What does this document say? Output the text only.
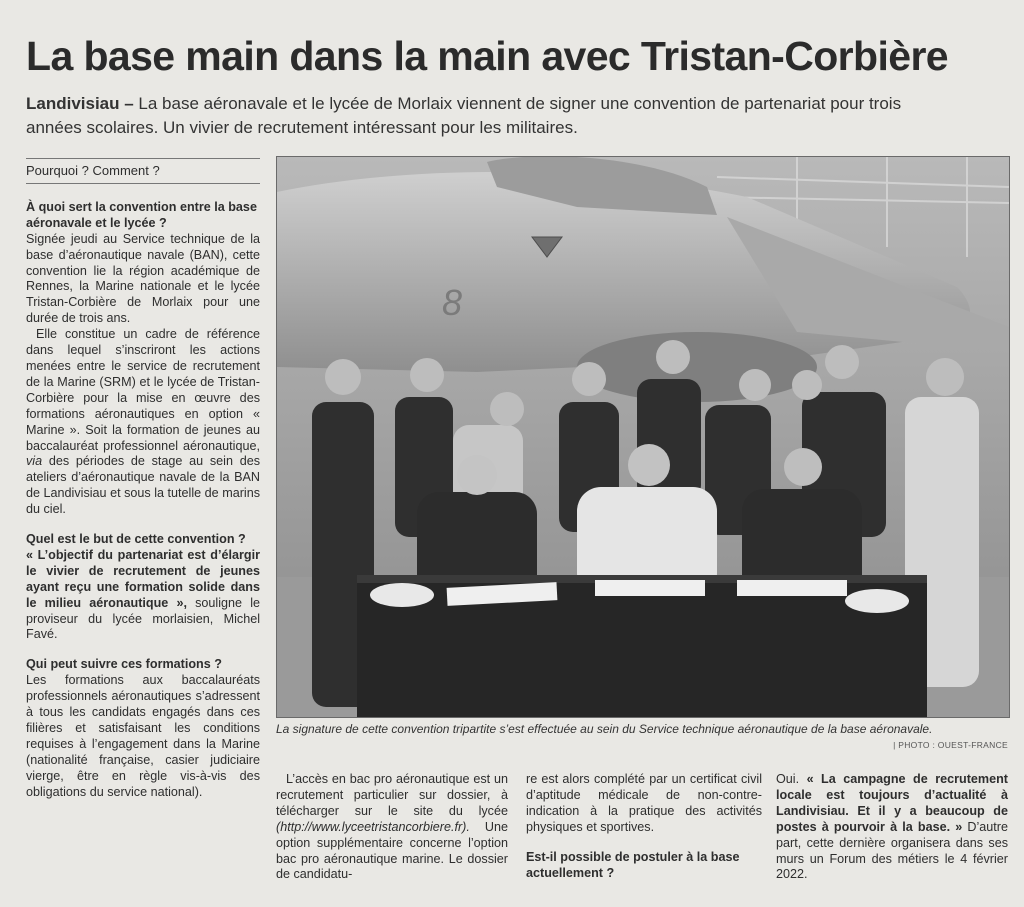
La base main dans la main avec Tristan-Corbière

Landivisiau – La base aéronavale et le lycée de Morlaix viennent de signer une convention de partenariat pour trois années scolaires. Un vivier de recrutement intéressant pour les militaires.

Pourquoi ? Comment ?

À quoi sert la convention entre la base aéronavale et le lycée ?

Signée jeudi au Service technique de la base d’aéronautique navale (BAN), cette convention lie la région académique de Rennes, la Marine nationale et le lycée Tristan-Corbière de Morlaix pour une durée de trois ans.

Elle constitue un cadre de référence dans lequel s’inscriront les actions menées entre le service de recrutement de la Marine (SRM) et le lycée de Tristan-Corbière pour la mise en œuvre des formations aéronautiques en option « Marine ». Soit la formation de jeunes au baccalauréat professionnel aéronautique, via des périodes de stage au sein des ateliers d’aéronautique navale de la BAN de Landivisiau et sous la tutelle de marins du ciel.

Quel est le but de cette convention ?

« L’objectif du partenariat est d’élargir le vivier de recrutement de jeunes ayant reçu une formation solide dans le milieu aéronautique », souligne le proviseur du lycée morlaisien, Michel Favé.

Qui peut suivre ces formations ?

Les formations aux baccalauréats professionnels aéronautiques s’adressent à tous les candidats engagés dans ces filières et satisfaisant les conditions requises à l’engagement dans la Marine (nationalité française, casier judiciaire vierge, être en règle vis-à-vis des obligations du service national).

8

La signature de cette convention tripartite s’est effectuée au sein du Service technique aéronautique de la base aéronavale.

| PHOTO : OUEST-FRANCE

L’accès en bac pro aéronautique est un recrutement particulier sur dossier, à télécharger sur le site du lycée (http://www.lyceetristancorbiere.fr). Une option supplémentaire concerne l’option bac pro aéronautique marine. Le dossier de candidatu-

re est alors complété par un certificat civil d’aptitude médicale de non-contre-indication à la pratique des activités physiques et sportives.

Est-il possible de postuler à la base actuellement ?

Oui. « La campagne de recrutement locale est toujours d’actualité à Landivisiau. Et il y a beaucoup de postes à pourvoir à la base. » D’autre part, cette dernière organisera dans ses murs un Forum des métiers le 4 février 2022.
